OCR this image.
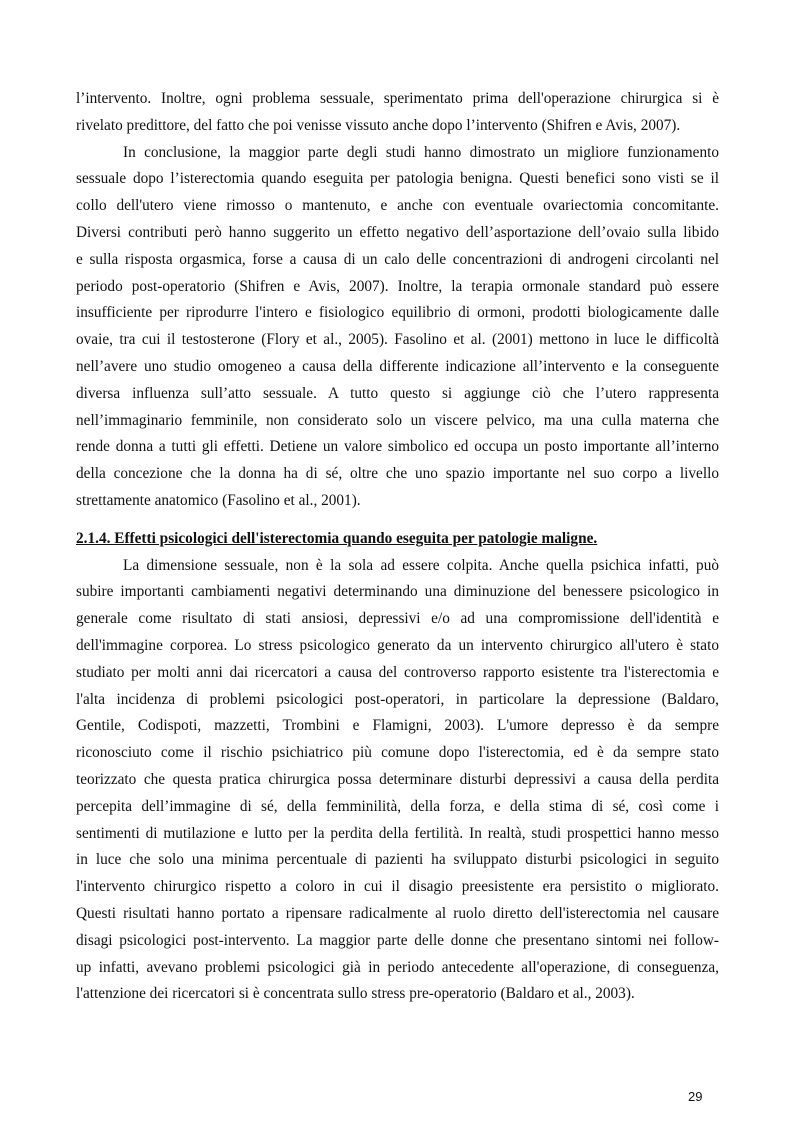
l’intervento. Inoltre, ogni problema sessuale, sperimentato prima dell'operazione chirurgica si è
rivelato predittore, del fatto che poi venisse vissuto anche dopo l’intervento (Shifren e Avis, 2007).
In conclusione, la maggior parte degli studi hanno dimostrato un migliore funzionamento
sessuale dopo l’isterectomia quando eseguita per patologia benigna. Questi benefici sono visti se il
collo dell'utero viene rimosso o mantenuto, e anche con eventuale ovariectomia concomitante.
Diversi contributi però hanno suggerito un effetto negativo dell’asportazione dell’ovaio sulla libido
e sulla risposta orgasmica, forse a causa di un calo delle concentrazioni di androgeni circolanti nel
periodo post-operatorio (Shifren e Avis, 2007). Inoltre, la terapia ormonale standard può essere
insufficiente per riprodurre l'intero e fisiologico equilibrio di ormoni, prodotti biologicamente dalle
ovaie, tra cui il testosterone (Flory et al., 2005). Fasolino et al. (2001) mettono in luce le difficoltà
nell’avere uno studio omogeneo a causa della differente indicazione all’intervento e la conseguente
diversa influenza sull’atto sessuale. A tutto questo si aggiunge ciò che l’utero rappresenta
nell’immaginario femminile, non considerato solo un viscere pelvico, ma una culla materna che
rende donna a tutti gli effetti. Detiene un valore simbolico ed occupa un posto importante all’interno
della concezione che la donna ha di sé, oltre che uno spazio importante nel suo corpo a livello
strettamente anatomico (Fasolino et al., 2001).
2.1.4. Effetti psicologici dell'isterectomia quando eseguita per patologie maligne.
La dimensione sessuale, non è la sola ad essere colpita. Anche quella psichica infatti, può
subire importanti cambiamenti negativi determinando una diminuzione del benessere psicologico in
generale come risultato di stati ansiosi, depressivi e/o ad una compromissione dell'identità e
dell'immagine corporea. Lo stress psicologico generato da un intervento chirurgico all'utero è stato
studiato per molti anni dai ricercatori a causa del controverso rapporto esistente tra l'isterectomia e
l'alta incidenza di problemi psicologici post-operatori, in particolare la depressione (Baldaro,
Gentile, Codispoti, mazzetti, Trombini e Flamigni, 2003). L'umore depresso è da sempre
riconosciuto come il rischio psichiatrico più comune dopo l'isterectomia, ed è da sempre stato
teorizzato che questa pratica chirurgica possa determinare disturbi depressivi a causa della perdita
percepita dell’immagine di sé, della femminilità, della forza, e della stima di sé, così come i
sentimenti di mutilazione e lutto per la perdita della fertilità. In realtà, studi prospettici hanno messo
in luce che solo una minima percentuale di pazienti ha sviluppato disturbi psicologici in seguito
l'intervento chirurgico rispetto a coloro in cui il disagio preesistente era persistito o migliorato.
Questi risultati hanno portato a ripensare radicalmente al ruolo diretto dell'isterectomia nel causare
disagi psicologici post-intervento. La maggior parte delle donne che presentano sintomi nei follow-
up infatti, avevano problemi psicologici già in periodo antecedente all'operazione, di conseguenza,
l'attenzione dei ricercatori si è concentrata sullo stress pre-operatorio (Baldaro et al., 2003).
29
